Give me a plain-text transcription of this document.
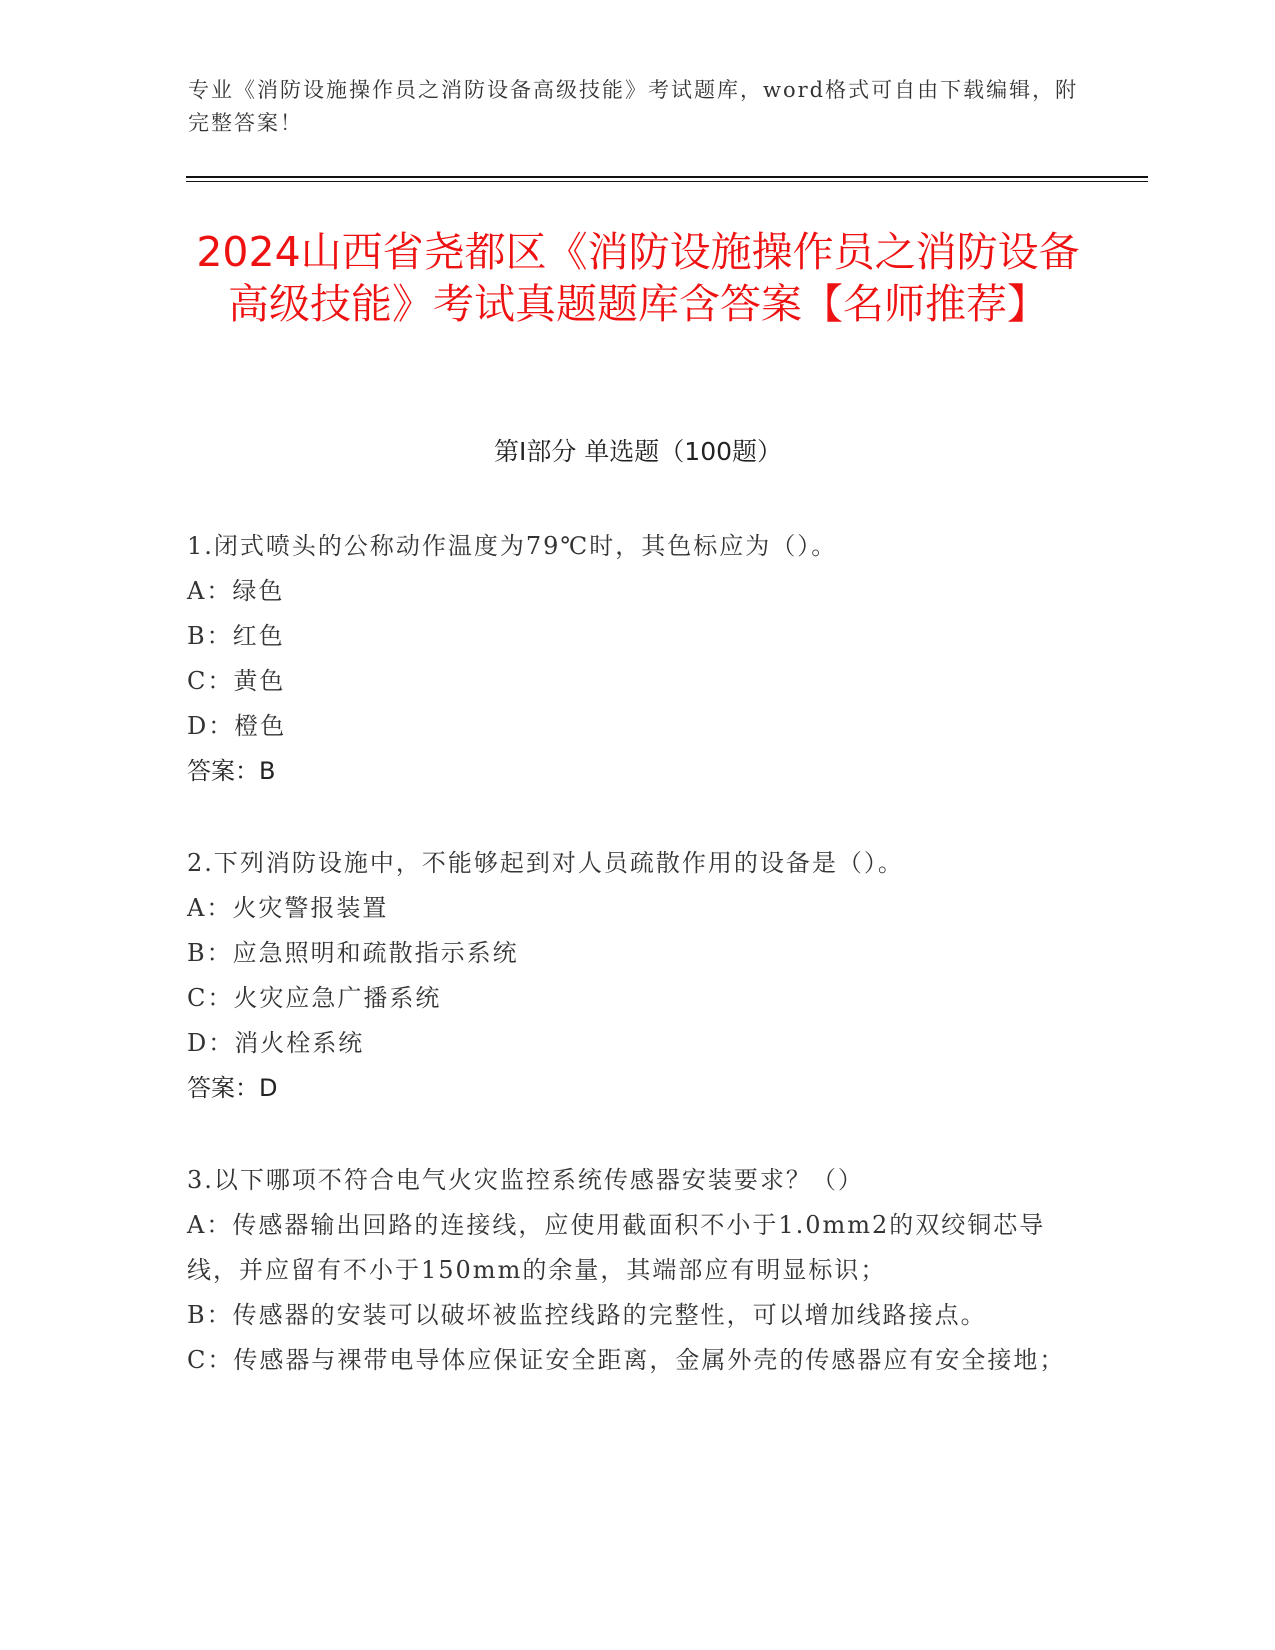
专业《消防设施操作员之消防设备高级技能》考试题库，word格式可自由下载编辑，附完整答案！
2024山西省尧都区《消防设施操作员之消防设备高级技能》考试真题题库含答案【名师推荐】
第I部分 单选题（100题）
1.闭式喷头的公称动作温度为79℃时，其色标应为（）。
A：绿色
B：红色
C：黄色
D：橙色
答案：B
2.下列消防设施中，不能够起到对人员疏散作用的设备是（）。
A：火灾警报装置
B：应急照明和疏散指示系统
C：火灾应急广播系统
D：消火栓系统
答案：D
3.以下哪项不符合电气火灾监控系统传感器安装要求？（）
A：传感器输出回路的连接线，应使用截面积不小于1.0mm2的双绞铜芯导线，并应留有不小于150mm的余量，其端部应有明显标识；
B：传感器的安装可以破坏被监控线路的完整性，可以增加线路接点。
C：传感器与裸带电导体应保证安全距离，金属外壳的传感器应有安全接地；
